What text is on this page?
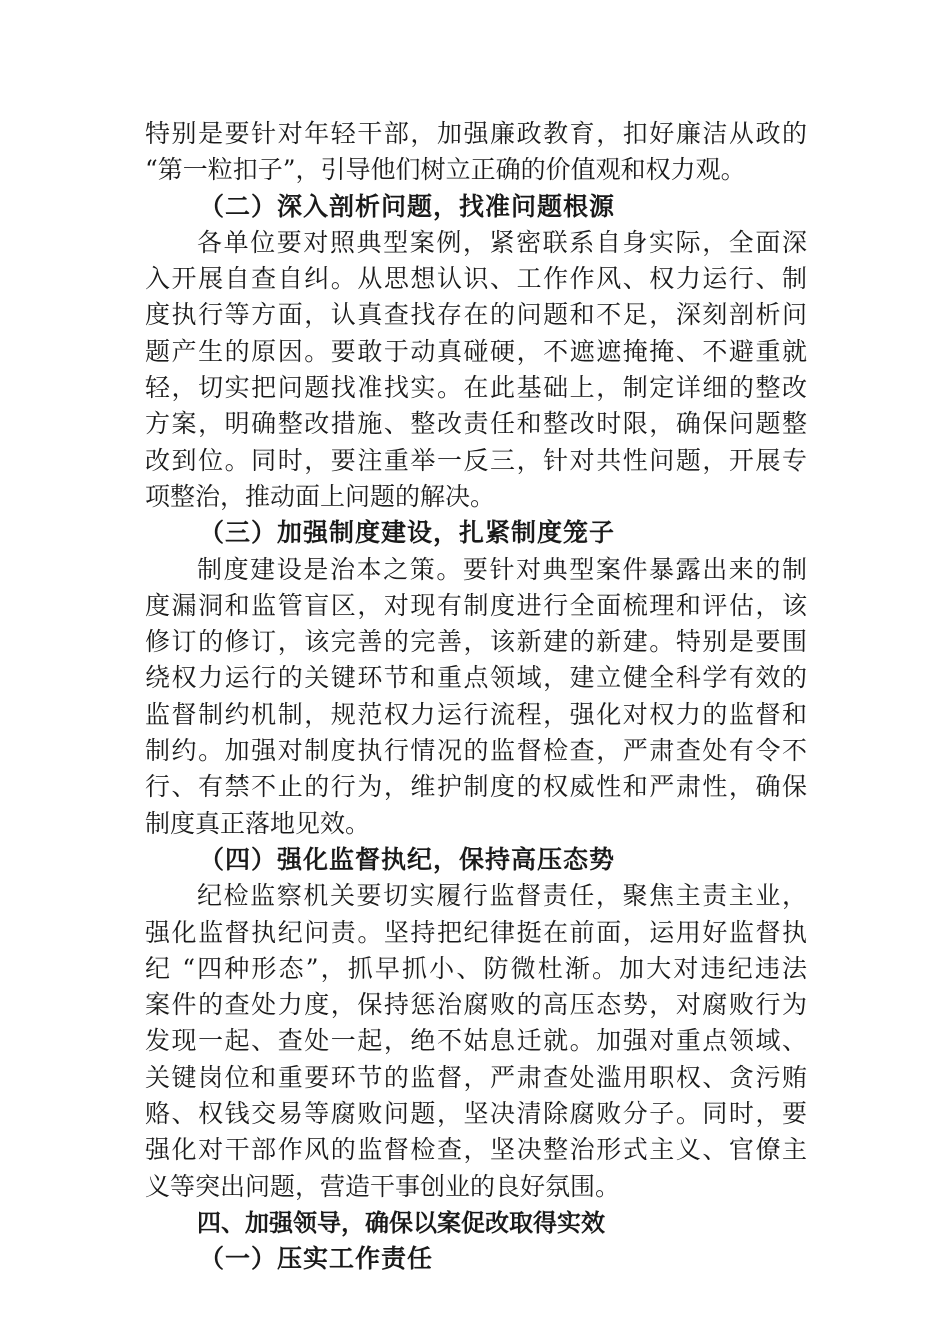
特别是要针对年轻干部，加强廉政教育，扣好廉洁从政的
“第一粒扣子”，引导他们树立正确的价值观和权力观。
（二）深入剖析问题，找准问题根源
各单位要对照典型案例，紧密联系自身实际，全面深
入开展自查自纠。从思想认识、工作作风、权力运行、制
度执行等方面，认真查找存在的问题和不足，深刻剖析问
题产生的原因。要敢于动真碰硬，不遮遮掩掩、不避重就
轻，切实把问题找准找实。在此基础上，制定详细的整改
方案，明确整改措施、整改责任和整改时限，确保问题整
改到位。同时，要注重举一反三，针对共性问题，开展专
项整治，推动面上问题的解决。
（三）加强制度建设，扎紧制度笼子
制度建设是治本之策。要针对典型案件暴露出来的制
度漏洞和监管盲区，对现有制度进行全面梳理和评估，该
修订的修订，该完善的完善，该新建的新建。特别是要围
绕权力运行的关键环节和重点领域，建立健全科学有效的
监督制约机制，规范权力运行流程，强化对权力的监督和
制约。加强对制度执行情况的监督检查，严肃查处有令不
行、有禁不止的行为，维护制度的权威性和严肃性，确保
制度真正落地见效。
（四）强化监督执纪，保持高压态势
纪检监察机关要切实履行监督责任，聚焦主责主业，
强化监督执纪问责。坚持把纪律挺在前面，运用好监督执
纪 “四种形态”，抓早抓小、防微杜渐。加大对违纪违法
案件的查处力度，保持惩治腐败的高压态势，对腐败行为
发现一起、查处一起，绝不姑息迁就。加强对重点领域、
关键岗位和重要环节的监督，严肃查处滥用职权、贪污贿
赂、权钱交易等腐败问题，坚决清除腐败分子。同时，要
强化对干部作风的监督检查，坚决整治形式主义、官僚主
义等突出问题，营造干事创业的良好氛围。
四、加强领导，确保以案促改取得实效
（一）压实工作责任
